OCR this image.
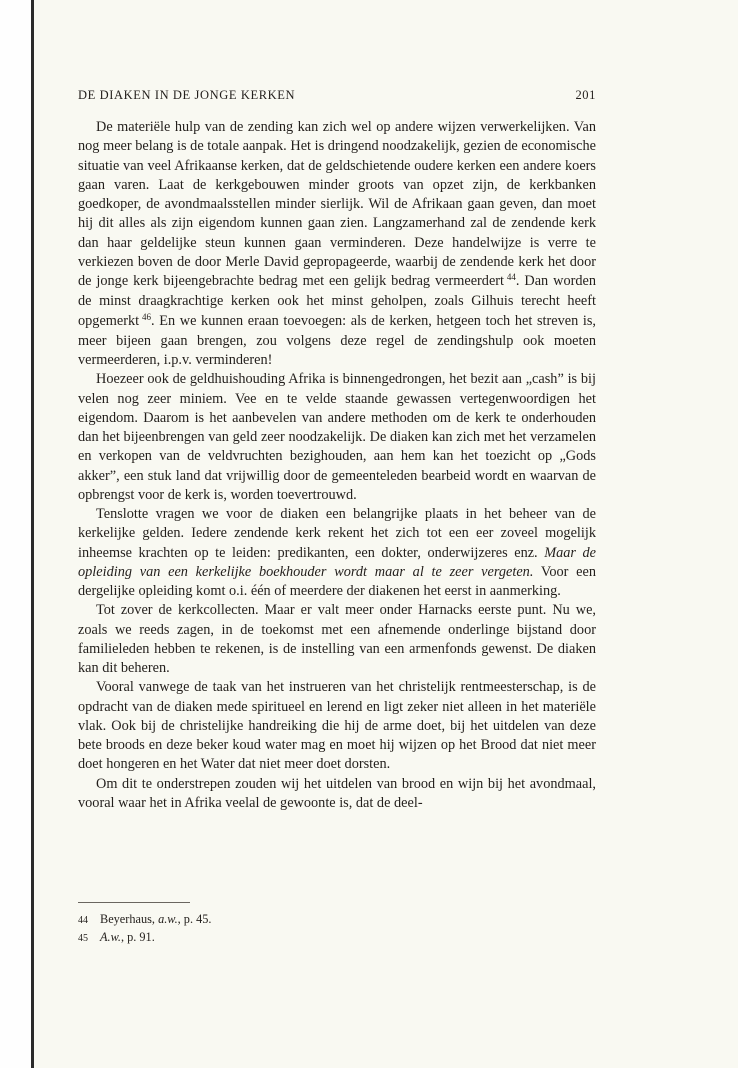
DE DIAKEN IN DE JONGE KERKEN	201

De materiële hulp van de zending kan zich wel op andere wijzen verwerkelijken. Van nog meer belang is de totale aanpak. Het is dringend noodzakelijk, gezien de economische situatie van veel Afrikaanse kerken, dat de geldschietende oudere kerken een andere koers gaan varen. Laat de kerkgebouwen minder groots van opzet zijn, de kerkbanken goedkoper, de avondmaalsstellen minder sierlijk. Wil de Afrikaan gaan geven, dan moet hij dit alles als zijn eigendom kunnen gaan zien. Langzamerhand zal de zendende kerk dan haar geldelijke steun kunnen gaan verminderen. Deze handelwijze is verre te verkiezen boven de door Merle David gepropageerde, waarbij de zendende kerk het door de jonge kerk bijeengebrachte bedrag met een gelijk bedrag vermeerdert  $^{44}$. Dan worden de minst draagkrachtige kerken ook het minst geholpen, zoals Gilhuis terecht heeft opgemerkt  $^{46}$. En we kunnen eraan toevoegen: als de kerken, hetgeen toch het streven is, meer bijeen gaan brengen, zou volgens deze regel de zendingshulp ook moeten vermeerderen, i.p.v. verminderen!

Hoezeer ook de geldhuishouding Afrika is binnengedrongen, het bezit aan „cash” is bij velen nog zeer miniem. Vee en te velde staande gewassen vertegenwoordigen het eigendom. Daarom is het aanbevelen van andere methoden om de kerk te onderhouden dan het bijeenbrengen van geld zeer noodzakelijk. De diaken kan zich met het verzamelen en verkopen van de veldvruchten bezighouden, aan hem kan het toezicht op „Gods akker”, een stuk land dat vrijwillig door de gemeenteleden bearbeid wordt en waarvan de opbrengst voor de kerk is, worden toevertrouwd.

Tenslotte vragen we voor de diaken een belangrijke plaats in het beheer van de kerkelijke gelden. Iedere zendende kerk rekent het zich tot een eer zoveel mogelijk inheemse krachten op te leiden: predikanten, een dokter, onderwijzeres enz. Maar de opleiding van een kerkelijke boekhouder wordt maar al te zeer vergeten. Voor een dergelijke opleiding komt o.i. één of meerdere der diakenen het eerst in aanmerking.

Tot zover de kerkcollecten. Maar er valt meer onder Harnacks eerste punt. Nu we, zoals we reeds zagen, in de toekomst met een afnemende onderlinge bijstand door familieleden hebben te rekenen, is de instelling van een armenfonds gewenst. De diaken kan dit beheren.

Vooral vanwege de taak van het instrueren van het christelijk rentmeesterschap, is de opdracht van de diaken mede spiritueel en lerend en ligt zeker niet alleen in het materiële vlak. Ook bij de christelijke handreiking die hij de arme doet, bij het uitdelen van deze bete broods en deze beker koud water mag en moet hij wijzen op het Brood dat niet meer doet hongeren en het Water dat niet meer doet dorsten.

Om dit te onderstrepen zouden wij het uitdelen van brood en wijn bij het avondmaal, vooral waar het in Afrika veelal de gewoonte is, dat de deel-

44 Beyerhaus, a.w., p. 45.
45 A.w., p. 91.
